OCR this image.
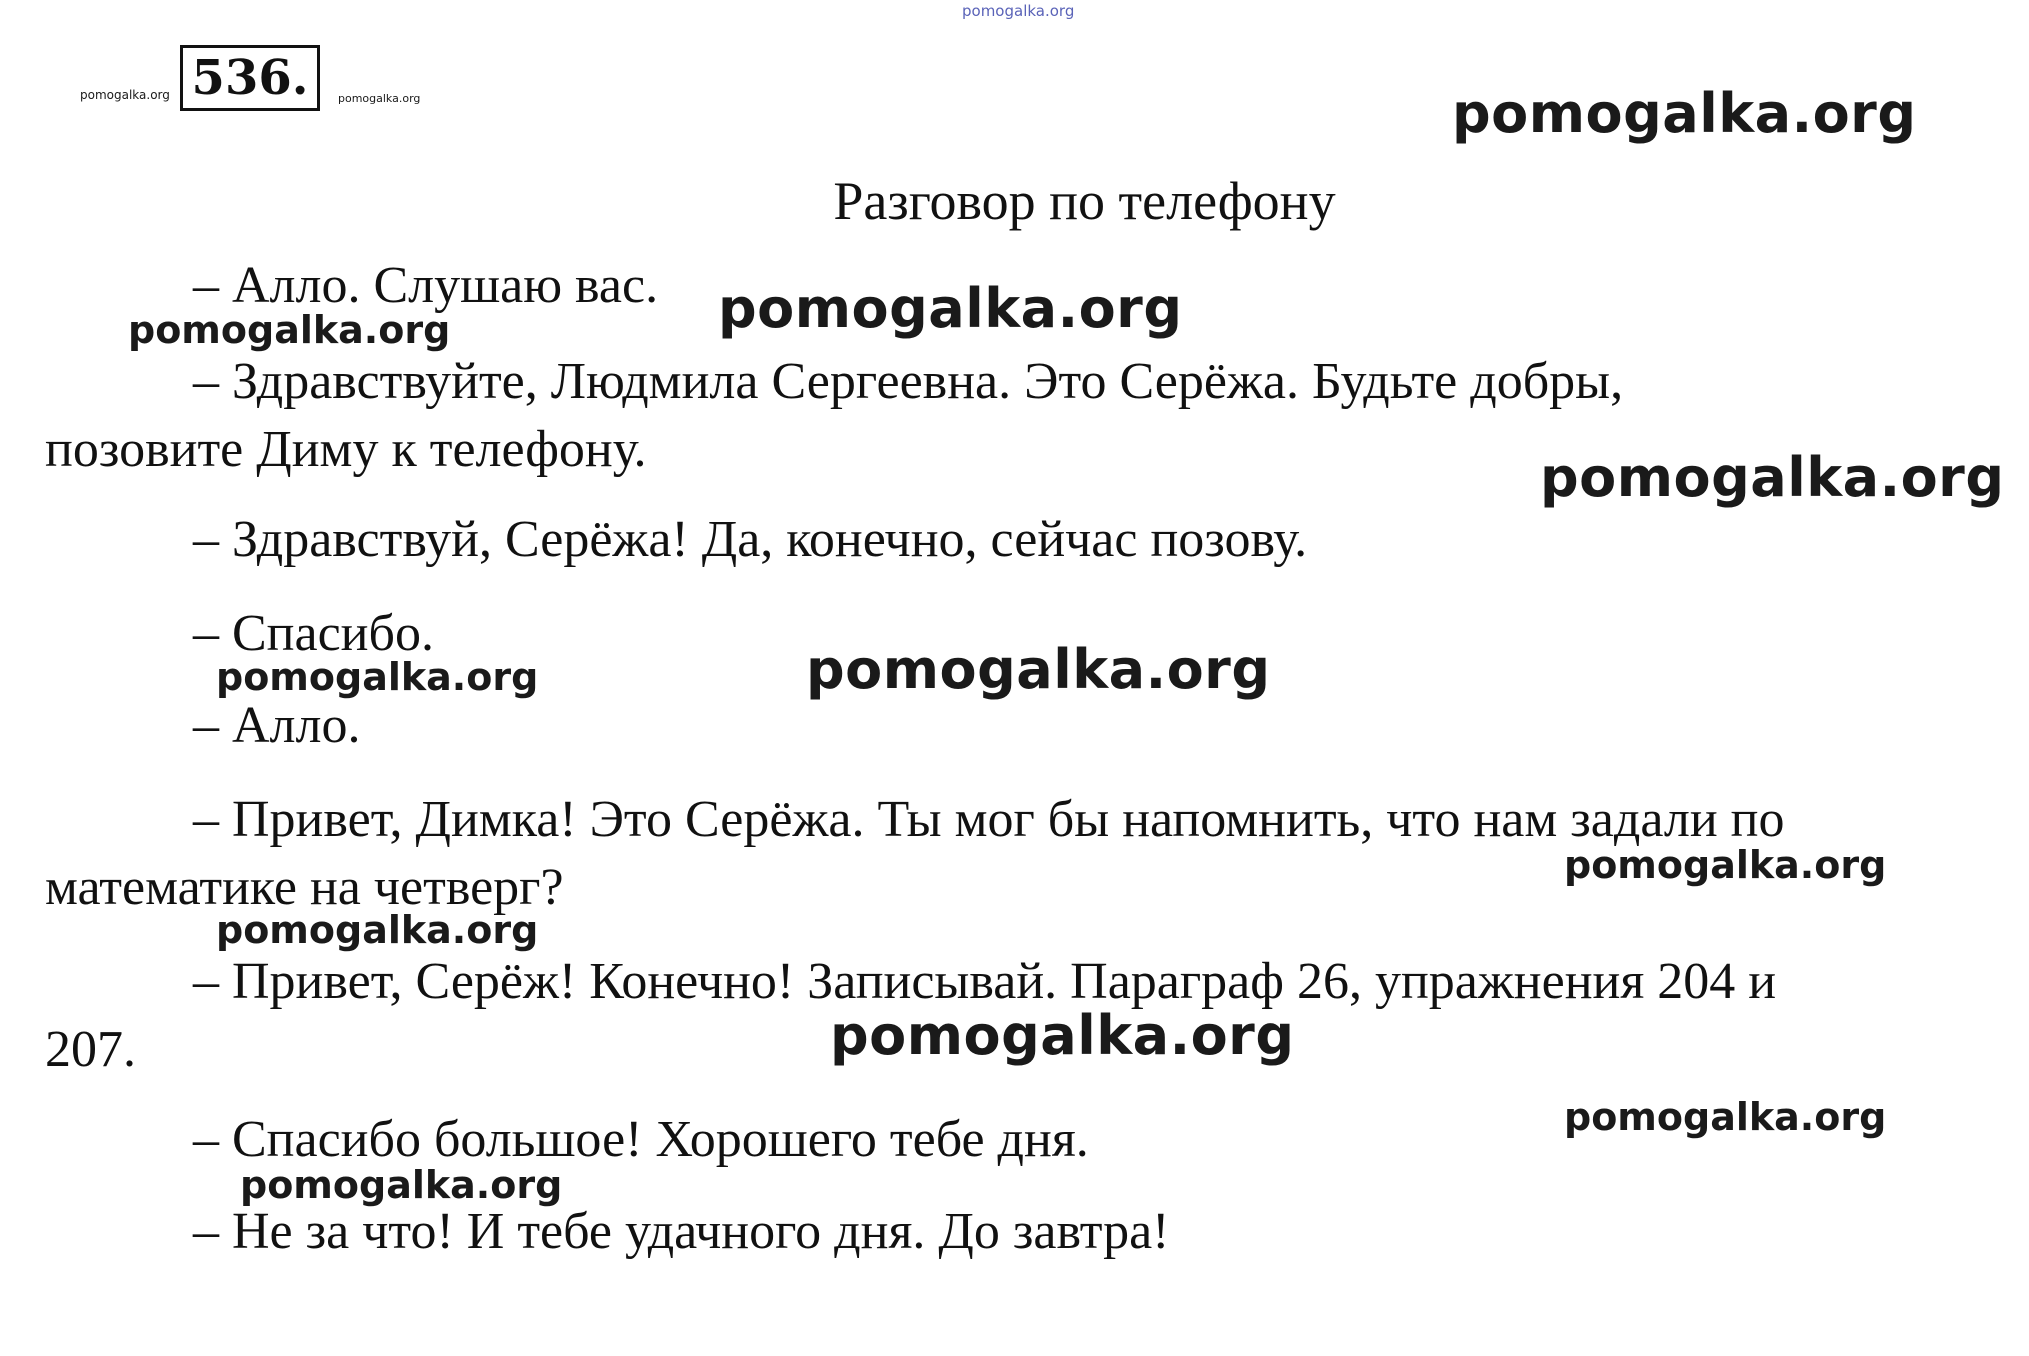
pomogalka.org
pomogalka.org 536.	pomogalka.org
Разговор по телефону
– Алло. Слушаю вас.
– Здравствуйте, Людмила Сергеевна. Это Серёжа. Будьте добры,
позовите Диму к телефону.
– Здравствуй, Серёжа! Да, конечно, сейчас позову.
– Спасибо.
– Алло.
– Привет, Димка! Это Серёжа. Ты мог бы напомнить, что нам задали по
математике на четверг?
– Привет, Серёж! Конечно! Записывай. Параграф 26, упражнения 204 и
207.
– Спасибо большое! Хорошего тебе дня.
– Не за что! И тебе удачного дня. До завтра!
pomogalka.org
pomogalka.org
pomogalka.org
pomogalka.org
pomogalka.org
pomogalka.org
pomogalka.org
pomogalka.org
pomogalka.org
pomogalka.org
pomogalka.org
